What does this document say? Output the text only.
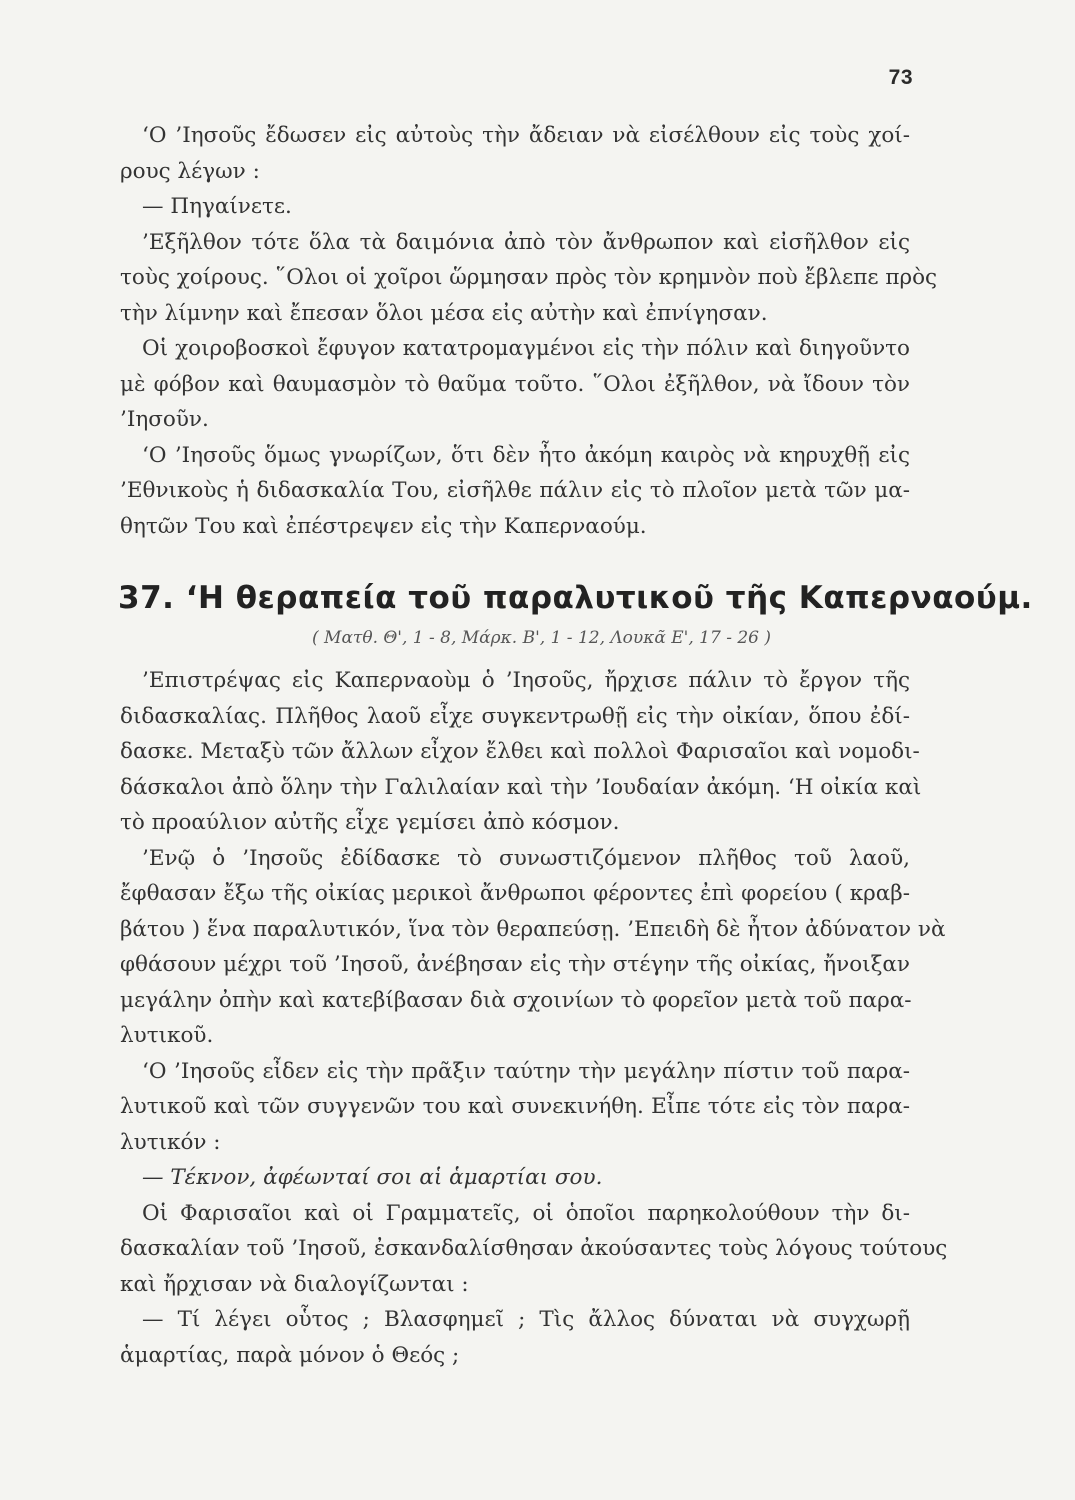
73
‘Ο ’Ιησοῦς ἔδωσεν εἰς αὐτοὺς τὴν ἄδειαν νὰ εἰσέλθουν εἰς τοὺς χοί-
ρους λέγων :
— Πηγαίνετε.
’Εξῆλθον τότε ὅλα τὰ δαιμόνια ἀπὸ τὸν ἄνθρωπον καὶ εἰσῆλθον εἰς
τοὺς χοίρους. ῞Ολοι οἱ χοῖροι ὥρμησαν πρὸς τὸν κρημνὸν ποὺ ἔβλεπε πρὸς
τὴν λίμνην καὶ ἔπεσαν ὅλοι μέσα εἰς αὐτὴν καὶ ἐπνίγησαν.
Οἱ χοιροβοσκοὶ ἔφυγον κατατρομαγμένοι εἰς τὴν πόλιν καὶ διηγοῦντο
μὲ φόβον καὶ θαυμασμὸν τὸ θαῦμα τοῦτο. ῞Ολοι ἐξῆλθον, νὰ ἴδουν τὸν
’Ιησοῦν.
‘Ο ’Ιησοῦς ὅμως γνωρίζων, ὅτι δὲν ἦτο ἀκόμη καιρὸς νὰ κηρυχθῇ εἰς
’Εθνικοὺς ἡ διδασκαλία Του, εἰσῆλθε πάλιν εἰς τὸ πλοῖον μετὰ τῶν μα-
θητῶν Του καὶ ἐπέστρεψεν εἰς τὴν Καπερναούμ.
37. ‘Η θεραπεία τοῦ παραλυτικοῦ τῆς Καπερναούμ.
( Ματθ. Θ', 1 - 8, Μάρκ. Β', 1 - 12, Λουκᾶ Ε', 17 - 26 )
’Επιστρέψας εἰς Καπερναοὺμ ὁ ’Ιησοῦς, ἤρχισε πάλιν τὸ ἔργον τῆς
διδασκαλίας. Πλῆθος λαοῦ εἶχε συγκεντρωθῇ εἰς τὴν οἰκίαν, ὅπου ἐδί-
δασκε. Μεταξὺ τῶν ἄλλων εἶχον ἔλθει καὶ πολλοὶ Φαρισαῖοι καὶ νομοδι-
δάσκαλοι ἀπὸ ὅλην τὴν Γαλιλαίαν καὶ τὴν ’Ιουδαίαν ἀκόμη. ‘Η οἰκία καὶ
τὸ προαύλιον αὐτῆς εἶχε γεμίσει ἀπὸ κόσμον.
’Ενῷ ὁ ’Ιησοῦς ἐδίδασκε τὸ συνωστιζόμενον πλῆθος τοῦ λαοῦ,
ἔφθασαν ἔξω τῆς οἰκίας μερικοὶ ἄνθρωποι φέροντες ἐπὶ φορείου ( κραβ-
βάτου ) ἕνα παραλυτικόν, ἵνα τὸν θεραπεύσῃ. ’Επειδὴ δὲ ἦτον ἀδύνατον νὰ
φθάσουν μέχρι τοῦ ’Ιησοῦ, ἀνέβησαν εἰς τὴν στέγην τῆς οἰκίας, ἤνοιξαν
μεγάλην ὀπὴν καὶ κατεβίβασαν διὰ σχοινίων τὸ φορεῖον μετὰ τοῦ παρα-
λυτικοῦ.
‘Ο ’Ιησοῦς εἶδεν εἰς τὴν πρᾶξιν ταύτην τὴν μεγάλην πίστιν τοῦ παρα-
λυτικοῦ καὶ τῶν συγγενῶν του καὶ συνεκινήθη. Εἶπε τότε εἰς τὸν παρα-
λυτικόν :
— Τέκνον, ἀφέωνταί σοι αἱ ἁμαρτίαι σου.
Οἱ Φαρισαῖοι καὶ οἱ Γραμματεῖς, οἱ ὁποῖοι παρηκολούθουν τὴν δι-
δασκαλίαν τοῦ ’Ιησοῦ, ἐσκανδαλίσθησαν ἀκούσαντες τοὺς λόγους τούτους
καὶ ἤρχισαν νὰ διαλογίζωνται :
— Τί λέγει οὗτος ; Βλασφημεῖ ; Τὶς ἄλλος δύναται νὰ συγχωρῇ
ἁμαρτίας, παρὰ μόνον ὁ Θεός ;
